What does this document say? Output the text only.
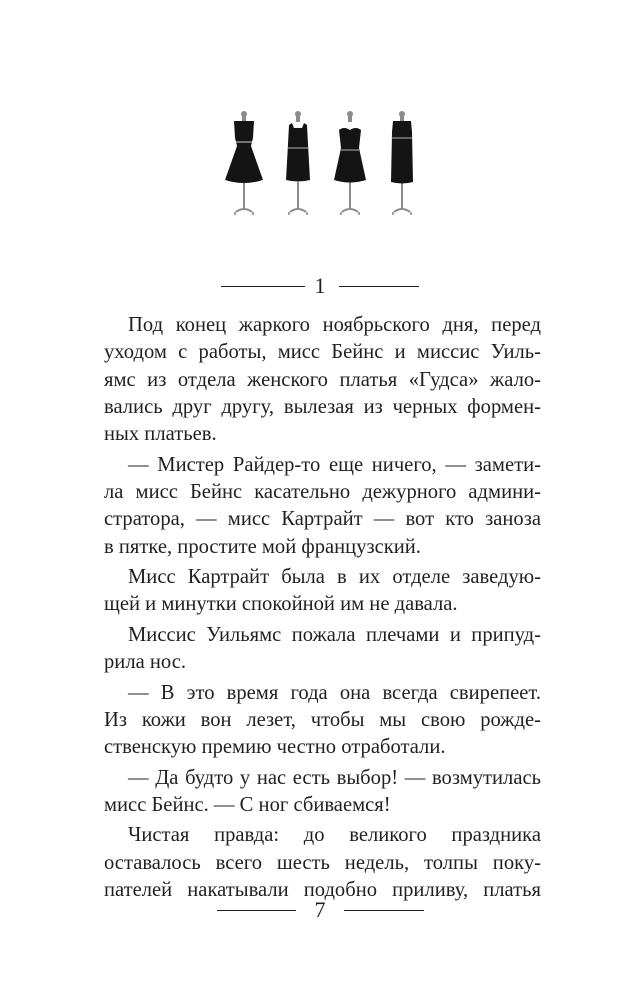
1
Под конец жаркого ноябрьского дня, перед
уходом с работы, мисс Бейнс и миссис Уиль-
ямс из отдела женского платья «Гудса» жало-
вались друг другу, вылезая из черных формен-
ных платьев.
— Мистер Райдер-то еще ничего, — замети-
ла мисс Бейнс касательно дежурного админи-
стратора, — мисс Картрайт — вот кто заноза
в пятке, простите мой французский.
Мисс Картрайт была в их отделе заведую-
щей и минутки спокойной им не давала.
Миссис Уильямс пожала плечами и припуд-
рила нос.
— В это время года она всегда свирепеет.
Из кожи вон лезет, чтобы мы свою рожде-
ственскую премию честно отработали.
— Да будто у нас есть выбор! — возмутилась
мисс Бейнс. — С ног сбиваемся!
Чистая правда: до великого праздника
оставалось всего шесть недель, толпы поку-
пателей накатывали подобно приливу, платья
7
